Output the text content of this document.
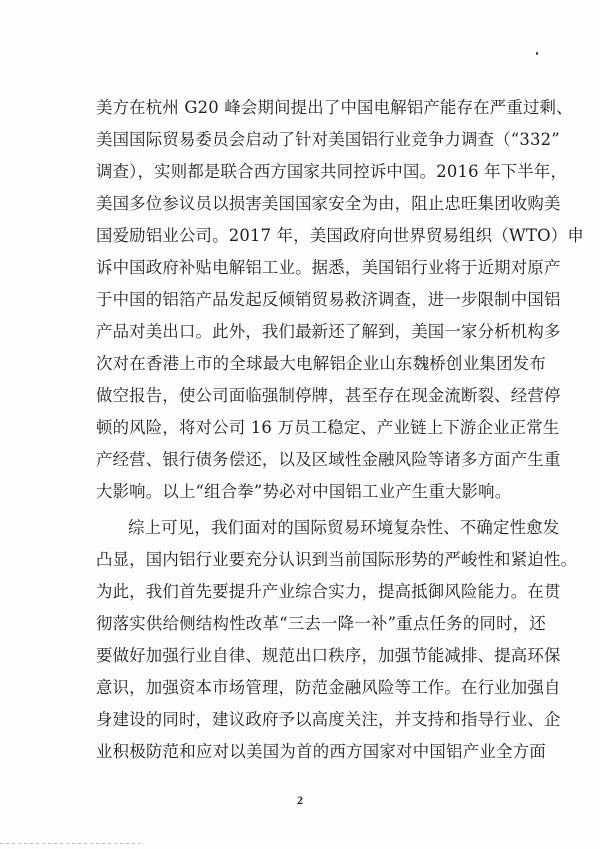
美方在杭州 G20 峰会期间提出了中国电解铝产能存在严重过剩、
美国国际贸易委员会启动了针对美国铝行业竞争力调查（“332”
调查），实则都是联合西方国家共同控诉中国。2016 年下半年，
美国多位参议员以损害美国国家安全为由，阻止忠旺集团收购美
国爱励铝业公司。2017 年，美国政府向世界贸易组织（WTO）申
诉中国政府补贴电解铝工业。据悉，美国铝行业将于近期对原产
于中国的铝箔产品发起反倾销贸易救济调查，进一步限制中国铝
产品对美出口。此外，我们最新还了解到，美国一家分析机构多
次对在香港上市的全球最大电解铝企业山东魏桥创业集团发布
做空报告，使公司面临强制停牌，甚至存在现金流断裂、经营停
顿的风险，将对公司 16 万员工稳定、产业链上下游企业正常生
产经营、银行债务偿还，以及区域性金融风险等诸多方面产生重
大影响。以上“组合拳”势必对中国铝工业产生重大影响。
综上可见，我们面对的国际贸易环境复杂性、不确定性愈发
凸显，国内铝行业要充分认识到当前国际形势的严峻性和紧迫性。
为此，我们首先要提升产业综合实力，提高抵御风险能力。在贯
彻落实供给侧结构性改革“三去一降一补”重点任务的同时，还
要做好加强行业自律、规范出口秩序，加强节能减排、提高环保
意识，加强资本市场管理，防范金融风险等工作。在行业加强自
身建设的同时，建议政府予以高度关注，并支持和指导行业、企
业积极防范和应对以美国为首的西方国家对中国铝产业全方面
2
